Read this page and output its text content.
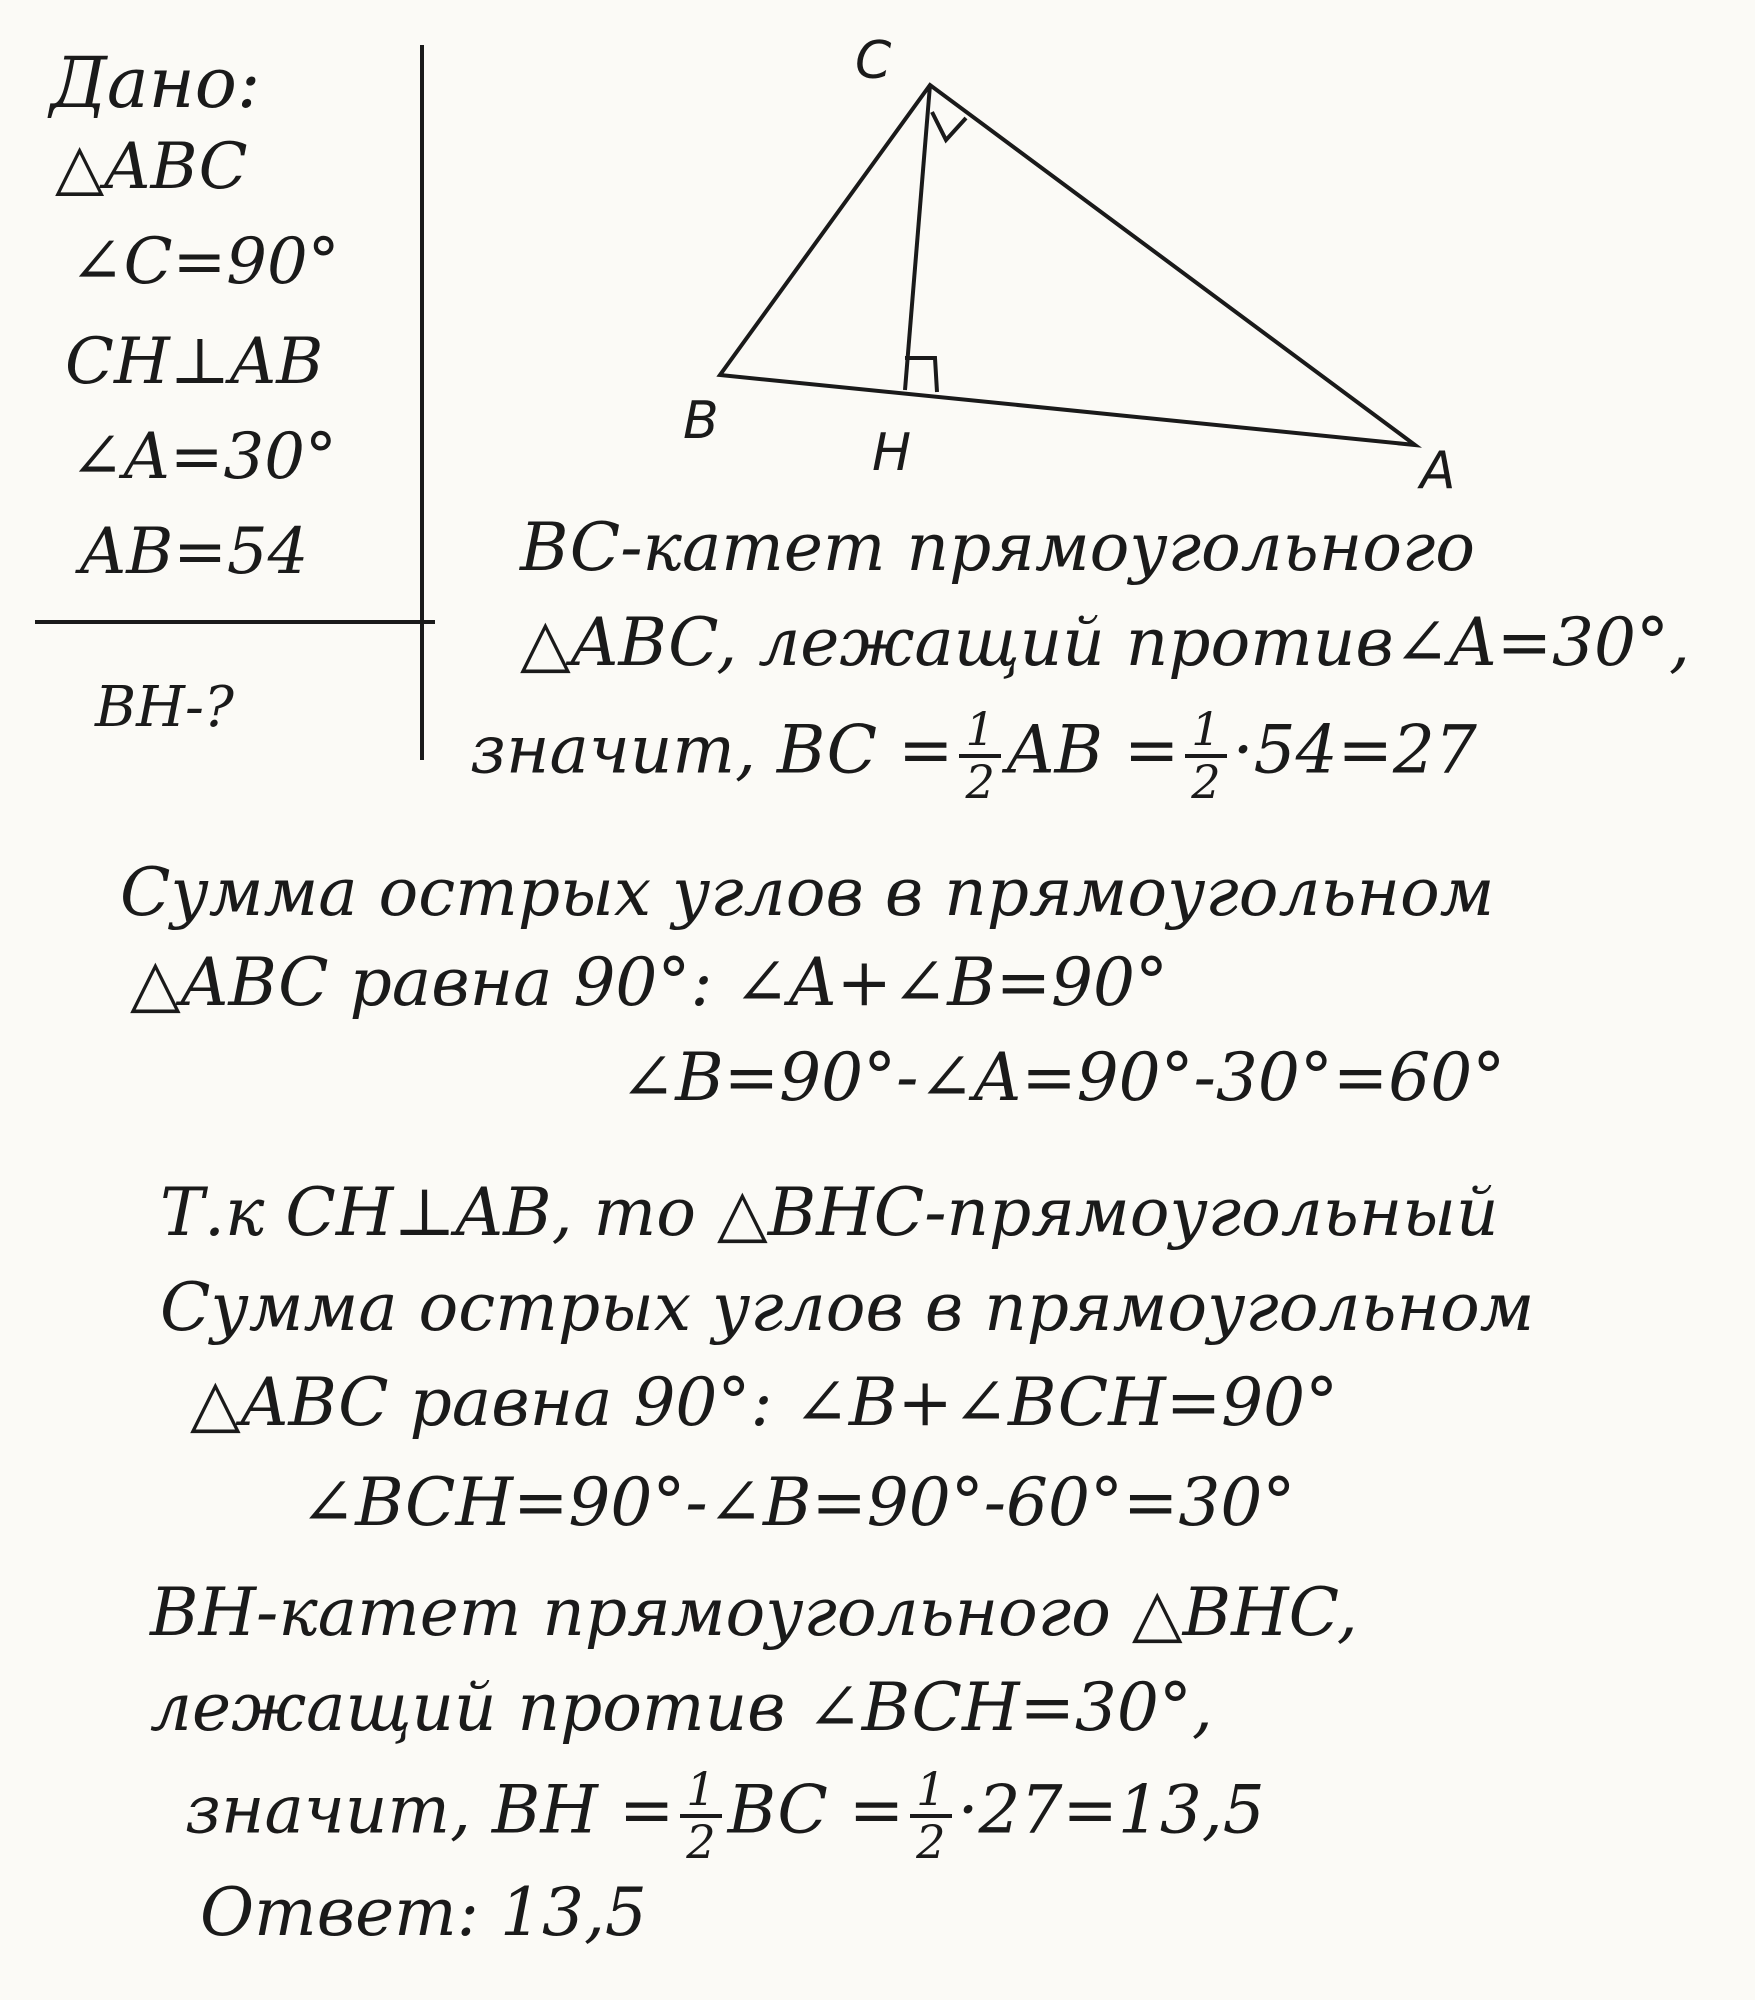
Дано:
△ABC
∠C=90°
CH⊥AB
∠A=30°
AB=54
BH-?
C
B
H	A
BC-катет прямоугольного
△ABC, лежащий против∠A=30°,
значит, BC = $\frac{1}{2}$ AB = $\frac{1}{2} \cdot 54=27$
Сумма острых углов в прямоугольном
△ABC равна 90°: ∠A+∠B=90°
∠B=90°-∠A=90°-30°=60°
Т.к CH⊥AB, то △BHC-прямоугольный
Сумма острых углов в прямоугольном
△ABC равна 90°: ∠B+∠BCH=90°
∠BCH=90°-∠B=90°-60°=30°
BH-катет прямоугольного △BHC,
лежащий против ∠BCH=30°,
значит, BH = $\frac{1}{2}$ BC = $\frac{1}{2} \cdot 27=13,5$
Ответ: 13,5
